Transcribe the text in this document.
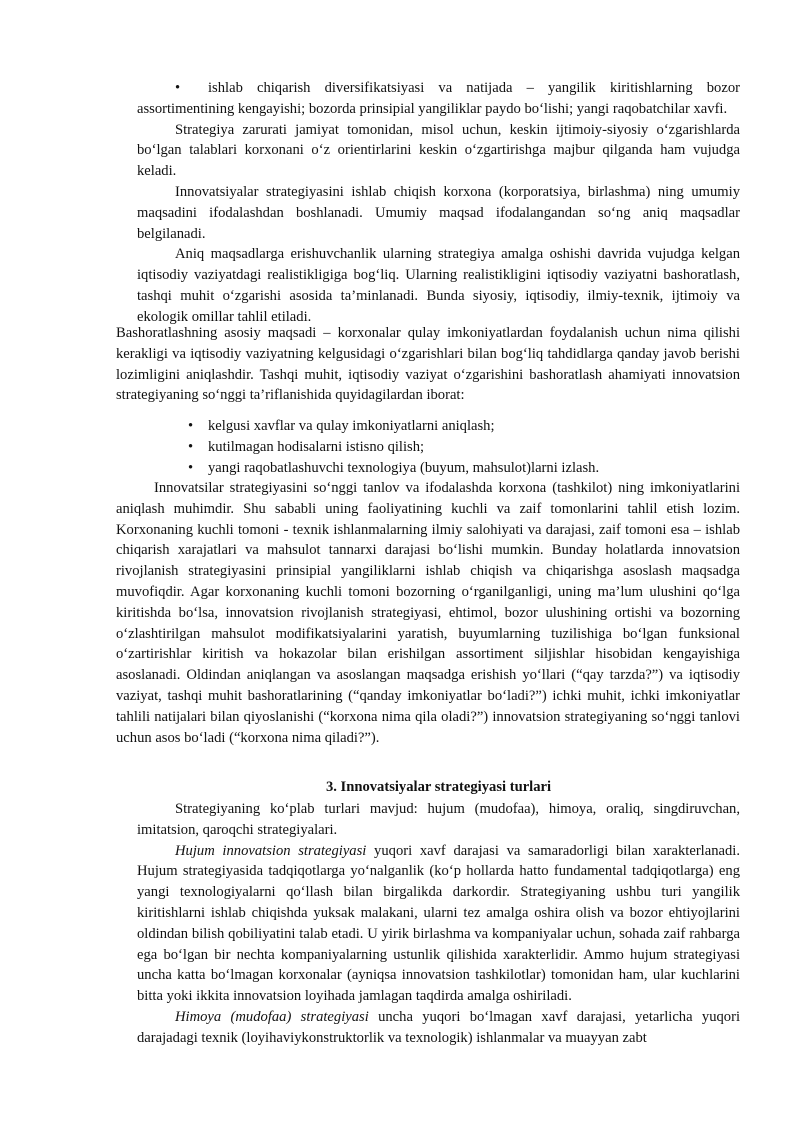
• ishlab chiqarish diversifikatsiyasi va natijada – yangilik kiritishlarning bozor assortimentining kengayishi; bozorda prinsipial yangiliklar paydo bo‘lishi; yangi raqobatchilar xavfi.

Strategiya zarurati jamiyat tomonidan, misol uchun, keskin ijtimoiy-siyosiy o‘zgarishlarda bo‘lgan talablari korxonani o‘z orientirlarini keskin o‘zgartirishga majbur qilganda ham vujudga keladi.

Innovatsiyalar strategiyasini ishlab chiqish korxona (korporatsiya, birlashma) ning umumiy maqsadini ifodalashdan boshlanadi. Umumiy maqsad ifodalangandan so‘ng aniq maqsadlar belgilanadi.

Aniq maqsadlarga erishuvchanlik ularning strategiya amalga oshishi davrida vujudga kelgan iqtisodiy vaziyatdagi realistikligiga bog‘liq. Ularning realistikligini iqtisodiy vaziyatni bashoratlash, tashqi muhit o‘zgarishi asosida ta’minlanadi. Bunda siyosiy, iqtisodiy, ilmiy-texnik, ijtimoiy va ekologik omillar tahlil etiladi.

Bashoratlashning asosiy maqsadi – korxonalar qulay imkoniyatlardan foydalanish uchun nima qilishi kerakligi va iqtisodiy vaziyatning kelgusidagi o‘zgarishlari bilan bog‘liq tahdidlarga qanday javob berishi lozimligini aniqlashdir. Tashqi muhit, iqtisodiy vaziyat o‘zgarishini bashoratlash ahamiyati innovatsion strategiyaning so‘nggi ta’riflanishida quyidagilardan iborat:

• kelgusi xavflar va qulay imkoniyatlarni aniqlash;
• kutilmagan hodisalarni istisno qilish;
• yangi raqobatlashuvchi texnologiya (buyum, mahsulot)larni izlash.

Innovatsilar strategiyasini so‘nggi tanlov va ifodalashda korxona (tashkilot) ning imkoniyatlarini aniqlash muhimdir. Shu sababli uning faoliyatining kuchli va zaif tomonlarini tahlil etish lozim. Korxonaning kuchli tomoni - texnik ishlanmalarning ilmiy salohiyati va darajasi, zaif tomoni esa – ishlab chiqarish xarajatlari va mahsulot tannarxi darajasi bo‘lishi mumkin. Bunday holatlarda innovatsion rivojlanish strategiyasini prinsipial yangiliklarni ishlab chiqish va chiqarishga asoslash maqsadga muvofiqdir. Agar korxonaning kuchli tomoni bozorning o‘rganilganligi, uning ma’lum ulushini qo‘lga kiritishda bo‘lsa, innovatsion rivojlanish strategiyasi, ehtimol, bozor ulushining ortishi va bozorning o‘zlashtirilgan mahsulot modifikatsiyalarini yaratish, buyumlarning tuzilishiga bo‘lgan funksional o‘zartirishlar kiritish va hokazolar bilan erishilgan assortiment siljishlar hisobidan kengayishiga asoslanadi. Oldindan aniqlangan va asoslangan maqsadga erishish yo‘llari (“qay tarzda?”) va iqtisodiy vaziyat, tashqi muhit bashoratlarining (“qanday imkoniyatlar bo‘ladi?”) ichki muhit, ichki imkoniyatlar tahlili natijalari bilan qiyoslanishi (“korxona nima qila oladi?”) innovatsion strategiyaning so‘nggi tanlovi uchun asos bo‘ladi (“korxona nima qiladi?”).

3. Innovatsiyalar strategiyasi turlari

Strategiyaning ko‘plab turlari mavjud: hujum (mudofaa), himoya, oraliq, singdiruvchan, imitatsion, qaroqchi strategiyalari.

Hujum innovatsion strategiyasi yuqori xavf darajasi va samaradorligi bilan xarakterlanadi. Hujum strategiyasida tadqiqotlarga yo‘nalganlik (ko‘p hollarda hatto fundamental tadqiqotlarga) eng yangi texnologiyalarni qo‘llash bilan birgalikda darkordir. Strategiyaning ushbu turi yangilik kiritishlarni ishlab chiqishda yuksak malakani, ularni tez amalga oshira olish va bozor ehtiyojlarini oldindan bilish qobiliyatini talab etadi. U yirik birlashma va kompaniyalar uchun, sohada zaif rahbarga ega bo‘lgan bir nechta kompaniyalarning ustunlik qilishida xarakterlidir. Ammo hujum strategiyasi uncha katta bo‘lmagan korxonalar (ayniqsa innovatsion tashkilotlar) tomonidan ham, ular kuchlarini bitta yoki ikkita innovatsion loyihada jamlagan taqdirda amalga oshiriladi.

Himoya (mudofaa) strategiyasi uncha yuqori bo‘lmagan xavf darajasi, yetarlicha yuqori darajadagi texnik (loyihaviykonstruktorlik va texnologik) ishlanmalar va muayyan zabt
